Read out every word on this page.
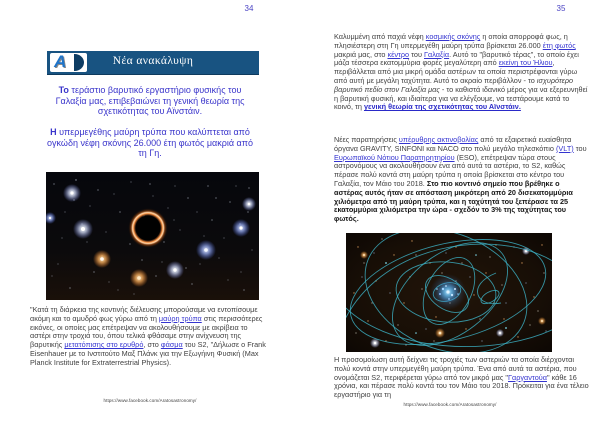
34	35
A	Νέα ανακάλυψη
Το τεράστιο βαρυτικό εργαστήριο φυσικής του Γαλαξία μας, επιβεβαιώνει τη γενική θεωρία της σχετικότητας του Αϊνστάιν.
Η υπερμεγέθης μαύρη τρύπα που καλύπτεται από ογκώδη νέφη σκόνης 26.000 έτη φωτός μακριά από τη Γη.
"Κατά τη διάρκεια της κοντινής διέλευσης μπορούσαμε να εντοπίσουμε ακόμη και το αμυδρό φως γύρω από τη μαύρη τρύπα στις περισσότερες εικόνες, οι οποίες μας επέτρεψαν να ακολουθήσουμε με ακρίβεια το αστέρι στην τροχιά του, όπου τελικά φθάσαμε στην ανίχνευση της βαρυτικής μετατόπισης στο ερυθρό, στο φάσμα του S2, "Δήλωσε ο Frank Eisenhauer με το Ινστιτούτο Μαξ Πλάνκ για την Εξωγήινη Φυσική (Max Planck Institute for Extraterrestrial Physics).
https://www.facebook.com/Aratosastronomy/
Καλυμμένη από παχιά νέφη κοσμικής σκόνης η οποία απορροφά φως, η πλησιέστερη στη Γη υπερμεγέθη μαύρη τρύπα βρίσκεται 26.000 έτη φωτός μακριά μας, στο κέντρο του Γαλαξία. Αυτό το "βαρυτικό τέρας", το οποίο έχει μάζα τέσσερα εκατομμύρια φορές μεγαλύτερη από εκείνη του Ήλιου, περιβάλλεται από μια μικρή ομάδα αστέρων τα οποία περιστρέφονται γύρω από αυτή με μεγάλη ταχύτητα. Αυτό το ακραίο περιβάλλον - το ισχυρότερο βαρυτικό πεδίο στον Γαλαξία μας - το καθιστά ιδανικό μέρος για να εξερευνηθεί η βαρυτική φυσική, και ιδιαίτερα για να ελέγξουμε, να τεστάρουμε κατά το κοινό, τη γενική θεωρία της σχετικότητας του Αϊνστάιν.
Νέες παρατηρήσεις υπέρυθρης ακτινοβολίας από τα εξαιρετικά ευαίσθητα όργανα GRAVITY, SINFONI και NACO στο πολύ μεγάλο τηλεσκόπιο (VLT) του Ευρωπαϊκού Νότιου Παρατηρητηρίου (ESO), επέτρεψαν τώρα στους αστρονόμους να ακολουθήσουν ένα από αυτά τα αστέρια, το S2, καθώς πέρασε πολύ κοντά στη μαύρη τρύπα η οποία βρίσκεται στο κέντρο του Γαλαξία, τον Μάιο του 2018. Στο πιο κοντινό σημείο που βρέθηκε ο αστέρας αυτός ήταν σε απόσταση μικρότερη από 20 δισεκατομμύρια χιλιόμετρα από τη μαύρη τρύπα, και η ταχύτητά του ξεπέρασε τα 25 εκατομμύρια χιλιόμετρα την ώρα - σχεδόν το 3% της ταχύτητας του φωτός.
Η προσομοίωση αυτή δείχνει τις τροχιές των αστεριών τα οποία διέρχονται πολύ κοντά στην υπερμεγέθη μαύρη τρύπα. Ένα από αυτά τα αστέρια, που ονομάζεται S2, περιφέρεται γύρω από τον μικρό μας "Γαργαντούα" κάθε 16 χρόνια, και πέρασε πολύ κοντά του τον Μάιο του 2018. Πρόκειται για ένα τέλειο εργαστήριο για τη
https://www.facebook.com/Aratosastronomy/
